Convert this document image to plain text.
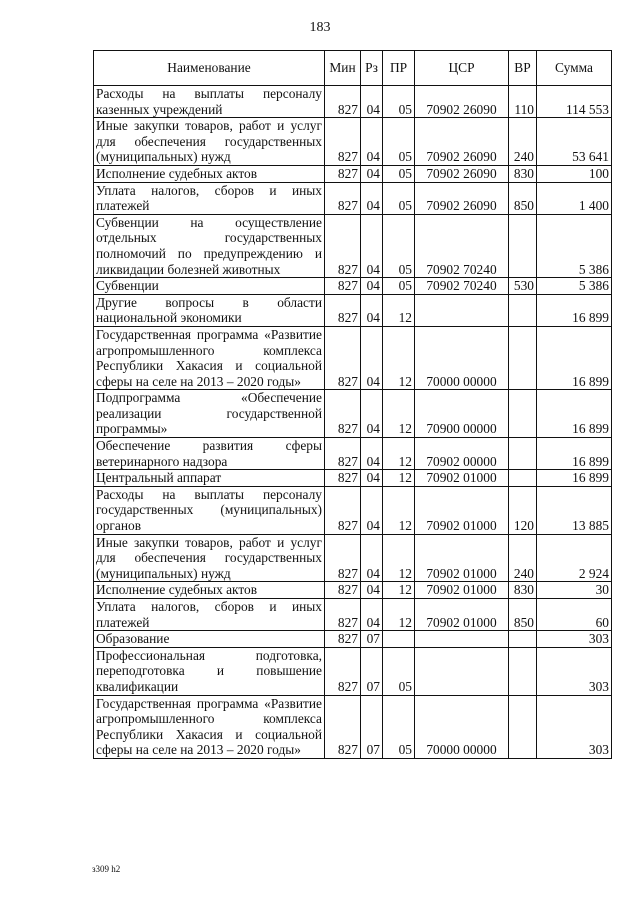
183
Наименование	Мин	Рз	ПР	ЦСР	ВР	Сумма
Расходы на выплаты персоналу казенных учреждений	827	04	05	70902 26090	110	114 553
Иные закупки товаров, работ и услуг для обеспечения государственных (муниципальных) нужд	827	04	05	70902 26090	240	53 641
Исполнение судебных актов	827	04	05	70902 26090	830	100
Уплата налогов, сборов и иных платежей	827	04	05	70902 26090	850	1 400
Субвенции на осуществление отдельных государственных полномочий по предупреждению и ликвидации болезней животных	827	04	05	70902 70240		5 386
Субвенции	827	04	05	70902 70240	530	5 386
Другие вопросы в области национальной экономики	827	04	12			16 899
Государственная программа «Развитие агропромышленного комплекса Республики Хакасия и социальной сферы на селе на 2013 – 2020 годы»	827	04	12	70000 00000		16 899
Подпрограмма «Обеспечение реализации государственной программы»	827	04	12	70900 00000		16 899
Обеспечение развития сферы ветеринарного надзора	827	04	12	70902 00000		16 899
Центральный аппарат	827	04	12	70902 01000		16 899
Расходы на выплаты персоналу государственных (муниципальных) органов	827	04	12	70902 01000	120	13 885
Иные закупки товаров, работ и услуг для обеспечения государственных (муниципальных) нужд	827	04	12	70902 01000	240	2 924
Исполнение судебных актов	827	04	12	70902 01000	830	30
Уплата налогов, сборов и иных платежей	827	04	12	70902 01000	850	60
Образование	827	07				303
Профессиональная подготовка, переподготовка и повышение квалификации	827	07	05			303
Государственная программа «Развитие агропромышленного комплекса Республики Хакасия и социальной сферы на селе на 2013 – 2020 годы»	827	07	05	70000 00000		303
з309 h2
